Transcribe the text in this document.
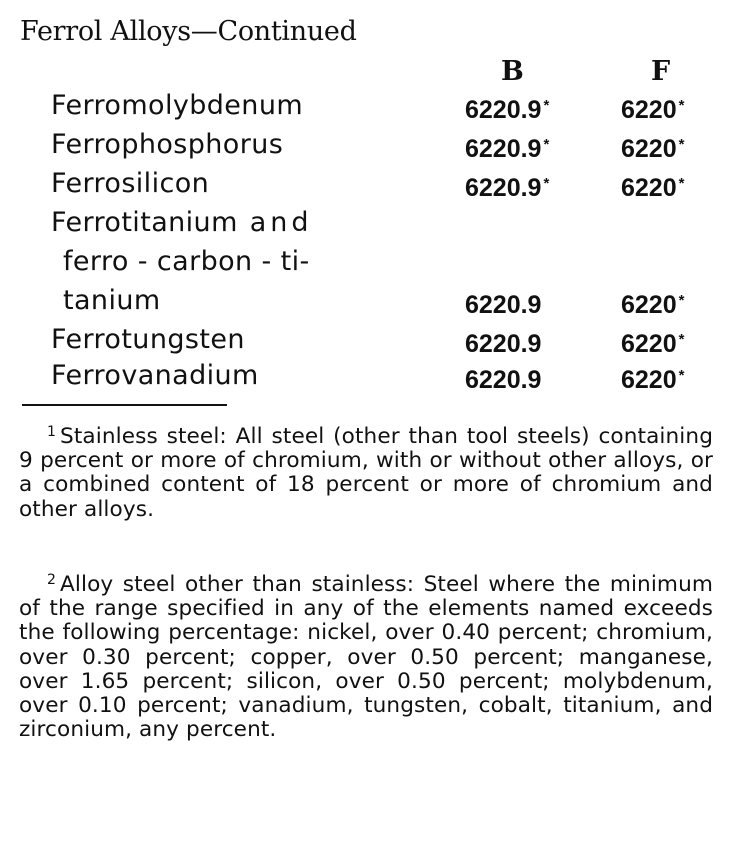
Ferrol Alloys—Continued
B	F
Ferromolybdenum	6220.9 *	6220 *
Ferrophosphorus	6220.9 *	6220 *
Ferrosilicon	6220.9 *	6220 *
Ferrotitanium and
ferro - carbon - ti-
tanium	6220.9	6220 *
Ferrotungsten	6220.9	6220 *
Ferrovanadium	6220.9	6220 *
$^1$ Stainless steel: All steel (other than tool steels) containing 9 percent or more of chromium, with or without other alloys, or a combined content of 18 percent or more of chromium and other alloys.
$^2$ Alloy steel other than stainless: Steel where the minimum of the range specified in any of the elements named exceeds the following percentage: nickel, over 0.40 percent; chromium, over 0.30 percent; copper, over 0.50 percent; manganese, over 1.65 percent; silicon, over 0.50 percent; molybdenum, over 0.10 percent; vanadium, tungsten, cobalt, titanium, and zirconium, any percent.
